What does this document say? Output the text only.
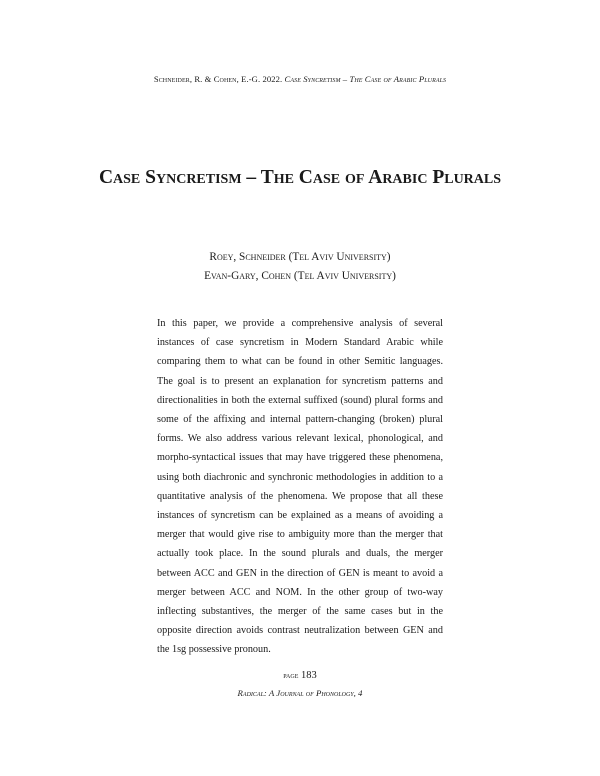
Schneider, R. & Cohen, E.-G. 2022. Case Syncretism – The Case of Arabic Plurals
Case Syncretism – The Case of Arabic Plurals
Roey, Schneider (Tel Aviv University)
Evan-Gary, Cohen (Tel Aviv University)

In this paper, we provide a comprehensive analysis of several instances of case syncretism in Modern Standard Arabic while comparing them to what can be found in other Semitic languages. The goal is to present an explanation for syncretism patterns and directionalities in both the external suffixed (sound) plural forms and some of the affixing and internal pattern-changing (broken) plural forms. We also address various relevant lexical, phonological, and morpho-syntactical issues that may have triggered these phenomena, using both diachronic and synchronic methodologies in addition to a quantitative analysis of the phenomena. We propose that all these instances of syncretism can be explained as a means of avoiding a merger that would give rise to ambiguity more than the merger that actually took place. In the sound plurals and duals, the merger between ACC and GEN in the direction of GEN is meant to avoid a merger between ACC and NOM. In the other group of two-way inflecting substantives, the merger of the same cases but in the opposite direction avoids contrast neutralization between GEN and the 1sg possessive pronoun.

page 183
Radical: A Journal of Phonology, 4
